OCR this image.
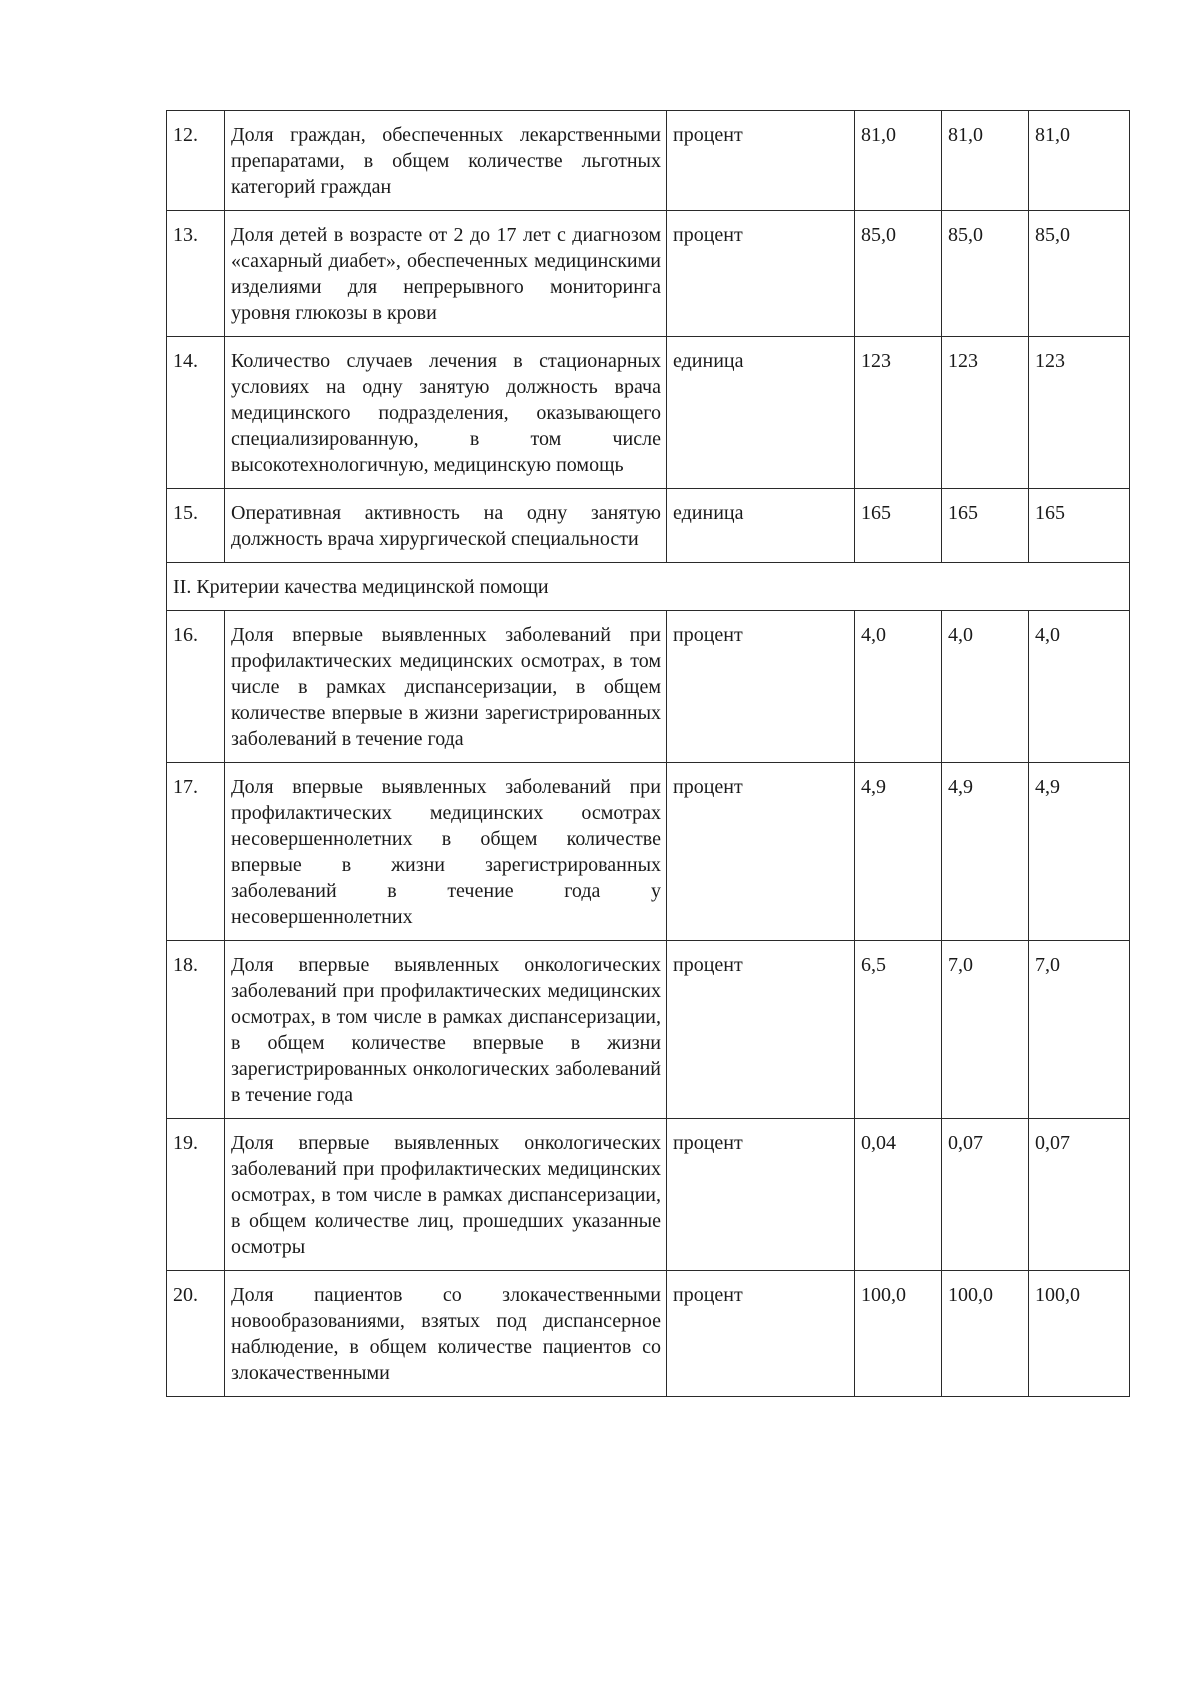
12.	Доля граждан, обеспеченных лекарственными препаратами, в общем количестве льготных категорий граждан	процент	81,0	81,0	81,0
13.	Доля детей в возрасте от 2 до 17 лет с диагнозом «сахарный диабет», обеспеченных медицинскими изделиями для непрерывного мониторинга уровня глюкозы в крови	процент	85,0	85,0	85,0
14.	Количество случаев лечения в стационарных условиях на одну занятую должность врача медицинского подразделения, оказывающего специализированную, в том числе высокотехнологичную, медицинскую помощь	единица	123	123	123
15.	Оперативная активность на одну занятую должность врача хирургической специальности	единица	165	165	165
II. Критерии качества медицинской помощи					
16.	Доля впервые выявленных заболеваний при профилактических медицинских осмотрах, в том числе в рамках диспансеризации, в общем количестве впервые в жизни зарегистрированных заболеваний в течение года	процент	4,0	4,0	4,0
17.	Доля впервые выявленных заболеваний при профилактических медицинских осмотрах несовершеннолетних в общем количестве впервые в жизни зарегистрированных заболеваний в течение года у несовершеннолетних	процент	4,9	4,9	4,9
18.	Доля впервые выявленных онкологических заболеваний при профилактических медицинских осмотрах, в том числе в рамках диспансеризации, в общем количестве впервые в жизни зарегистрированных онкологических заболеваний в течение года	процент	6,5	7,0	7,0
19.	Доля впервые выявленных онкологических заболеваний при профилактических медицинских осмотрах, в том числе в рамках диспансеризации, в общем количестве лиц, прошедших указанные осмотры	процент	0,04	0,07	0,07
20.	Доля пациентов со злокачественными новообразованиями, взятых под диспансерное наблюдение, в общем количестве пациентов со злокачественными	процент	100,0	100,0	100,0
